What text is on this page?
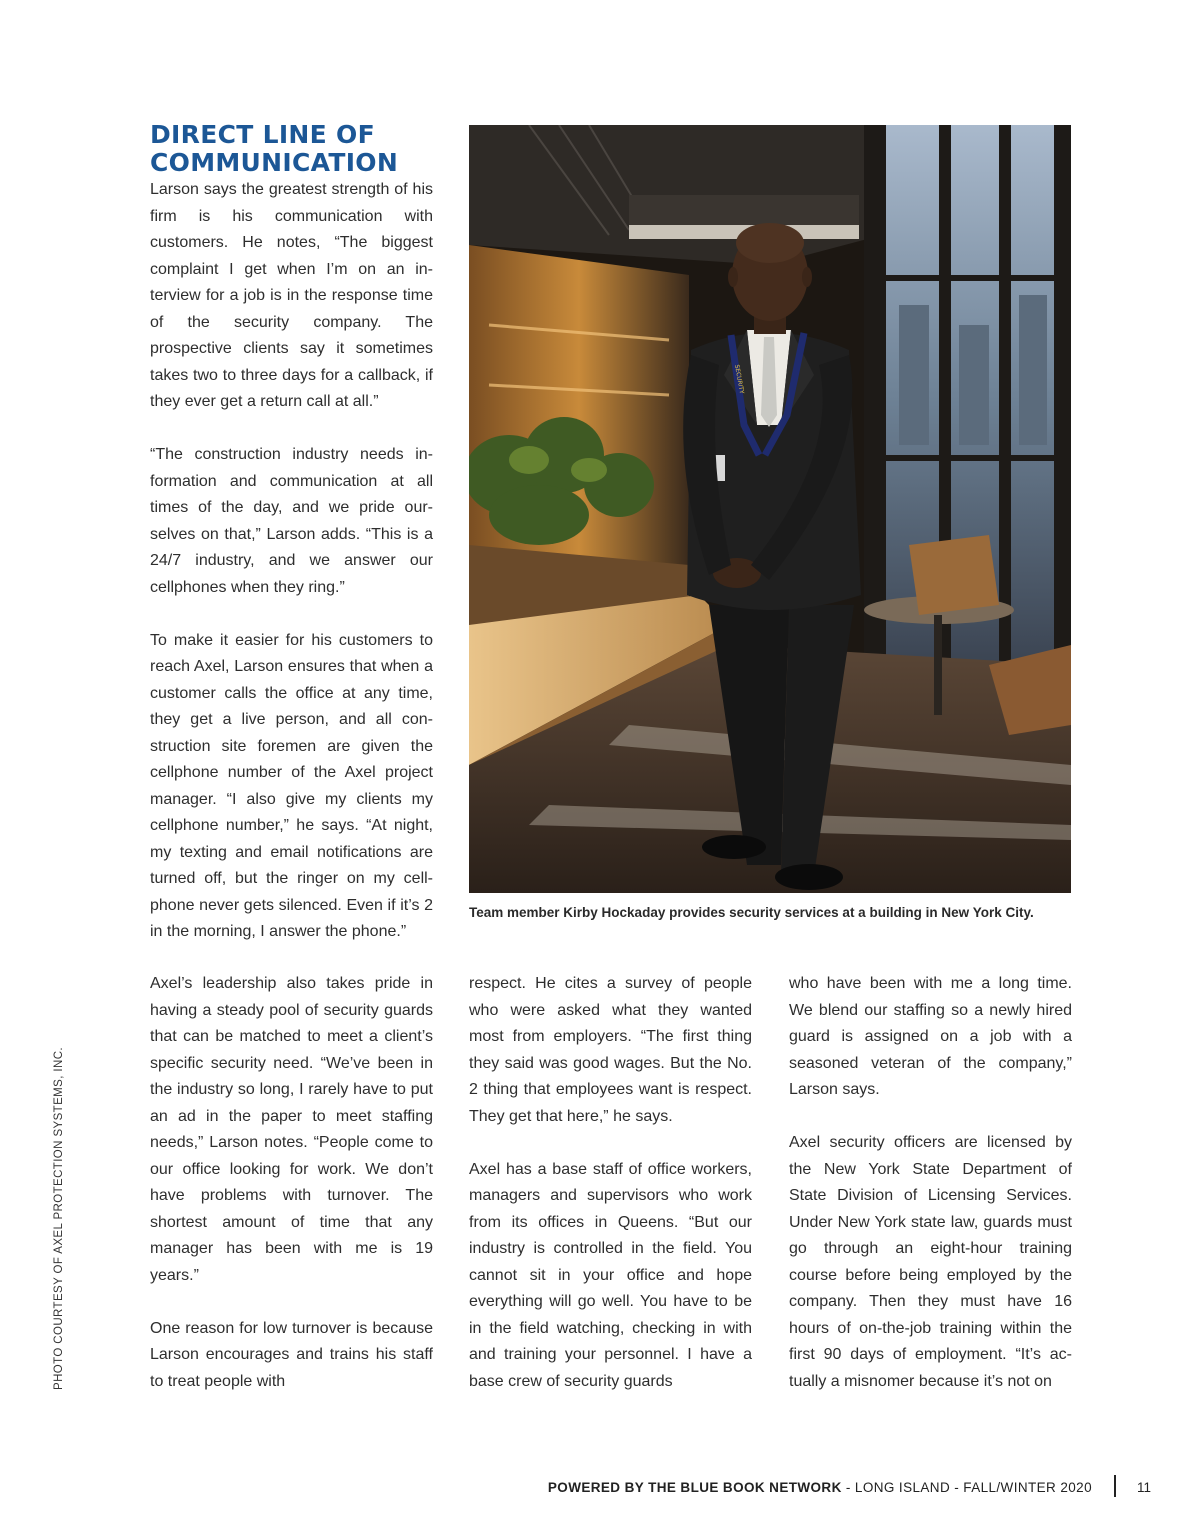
DIRECT LINE OF
COMMUNICATION

Larson says the greatest strength of his firm is his communication with customers. He notes, “The biggest complaint I get when I’m on an interview for a job is in the response time of the security company. The prospective clients say it sometimes takes two to three days for a callback, if they ever get a return call at all.”

“The construction industry needs information and communication at all times of the day, and we pride ourselves on that,” Larson adds. “This is a 24/7 industry, and we answer our cellphones when they ring.”

To make it easier for his customers to reach Axel, Larson ensures that when a customer calls the office at any time, they get a live person, and all construction site foremen are given the cellphone number of the Axel project manager. “I also give my clients my cellphone number,” he says. “At night, my texting and email notifications are turned off, but the ringer on my cellphone never gets silenced. Even if it’s 2 in the morning, I answer the phone.”

SECURITY
Team member Kirby Hockaday provides security services at a building in New York City.

Axel’s leadership also takes pride in having a steady pool of security guards that can be matched to meet a client’s specific security need. “We’ve been in the industry so long, I rarely have to put an ad in the paper to meet staffing needs,” Larson notes. “People come to our office looking for work. We don’t have problems with turnover. The shortest amount of time that any manager has been with me is 19 years.”

One reason for low turnover is because Larson encourages and trains his staff to treat people with

respect. He cites a survey of people who were asked what they wanted most from employers. “The first thing they said was good wages. But the No. 2 thing that employees want is respect. They get that here,” he says.

Axel has a base staff of office workers, managers and supervisors who work from its offices in Queens. “But our industry is controlled in the field. You cannot sit in your office and hope everything will go well. You have to be in the field watching, checking in with and training your personnel. I have a base crew of security guards

who have been with me a long time. We blend our staffing so a newly hired guard is assigned on a job with a seasoned veteran of the company,” Larson says.

Axel security officers are licensed by the New York State Department of State Division of Licensing Services. Under New York state law, guards must go through an eight-hour training course before being employed by the company. Then they must have 16 hours of on-the-job training within the first 90 days of employment. “It’s actually a misnomer because it’s not on

PHOTO COURTESY OF AXEL PROTECTION SYSTEMS, INC.
POWERED BY THE BLUE BOOK NETWORK - LONG ISLAND - FALL/WINTER 2020	11
